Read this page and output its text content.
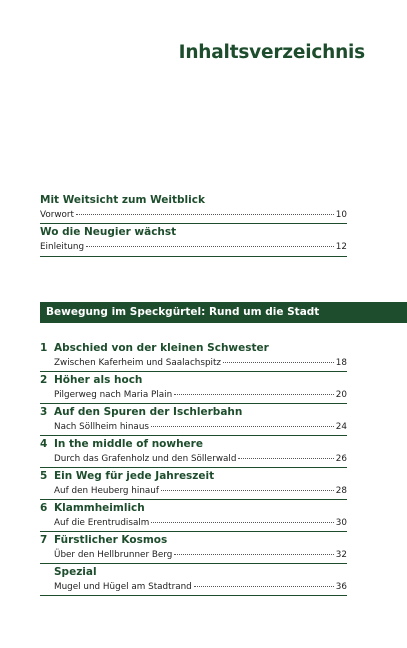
Inhaltsverzeichnis
Mit Weitsicht zum Weitblick
Vorwort	10
Wo die Neugier wächst
Einleitung	12
Bewegung im Speckgürtel: Rund um die Stadt
1 Abschied von der kleinen Schwester
Zwischen Kaferheim und Saalachspitz	18
2 Höher als hoch
Pilgerweg nach Maria Plain	20
3 Auf den Spuren der Ischlerbahn
Nach Söllheim hinaus	24
4 In the middle of nowhere
Durch das Grafenholz und den Söllerwald	26
5 Ein Weg für jede Jahreszeit
Auf den Heuberg hinauf	28
6 Klammheimlich
Auf die Erentrudisalm	30
7 Fürstlicher Kosmos
Über den Hellbrunner Berg	32
Spezial
Mugel und Hügel am Stadtrand	36
